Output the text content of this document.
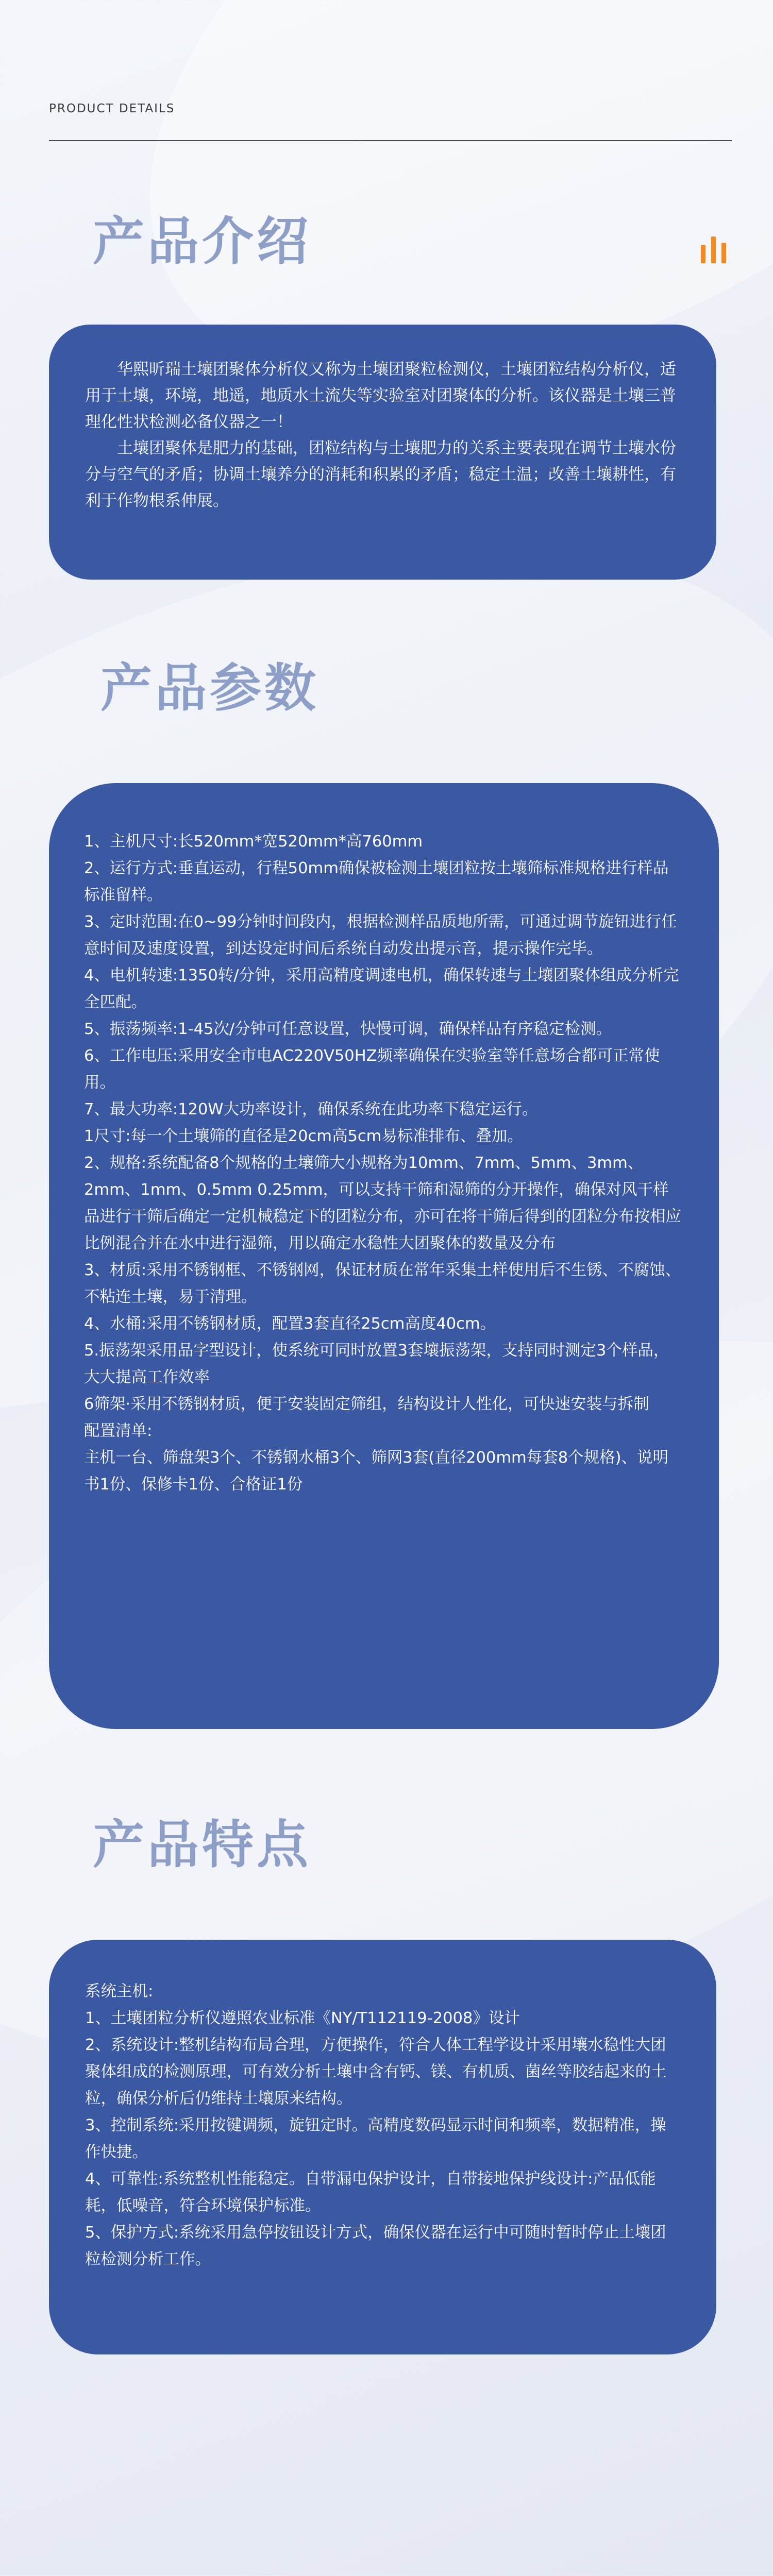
PRODUCT DETAILS
产品介绍

华熙昕瑞土壤团聚体分析仪又称为土壤团聚粒检测仪，土壤团粒结构分析仪，适用于土壤，环境，地遥，地质水土流失等实验室对团聚体的分析。该仪器是土壤三普理化性状检测必备仪器之一！

土壤团聚体是肥力的基础，团粒结构与土壤肥力的关系主要表现在调节土壤水份分与空气的矛盾；协调土壤养分的消耗和积累的矛盾；稳定土温；改善土壤耕性，有利于作物根系伸展。

产品参数

1、主机尺寸:长520mm*宽520mm*高760mm

2、运行方式:垂直运动，行程50mm确保被检测土壤团粒按土壤筛标准规格进行样品标准留样。

3、定时范围:在0~99分钟时间段内，根据检测样品质地所需，可通过调节旋钮进行任意时间及速度设置，到达设定时间后系统自动发出提示音，提示操作完毕。

4、电机转速:1350转/分钟，采用高精度调速电机，确保转速与土壤团聚体组成分析完全匹配。

5、振荡频率:1-45次/分钟可任意设置，快慢可调，确保样品有序稳定检测。

6、工作电压:采用安全市电AC220V50HZ频率确保在实验室等任意场合都可正常使用。

7、最大功率:120W大功率设计，确保系统在此功率下稳定运行。

1尺寸:每一个土壤筛的直径是20cm高5cm易标准排布、叠加。

2、规格:系统配备8个规格的土壤筛大小规格为10mm、7mm、5mm、3mm、2mm、1mm、0.5mm 0.25mm，可以支持干筛和湿筛的分开操作，确保对风干样品进行干筛后确定一定机械稳定下的团粒分布，亦可在将干筛后得到的团粒分布按相应比例混合并在水中进行湿筛，用以确定水稳性大团聚体的数量及分布

3、材质:采用不锈钢框、不锈钢网，保证材质在常年采集土样使用后不生锈、不腐蚀、不粘连土壤，易于清理。

4、水桶:采用不锈钢材质，配置3套直径25cm高度40cm。

5.振荡架采用品字型设计，使系统可同时放置3套壤振荡架，支持同时测定3个样品，大大提高工作效率

6筛架·采用不锈钢材质，便于安装固定筛组，结构设计人性化，可快速安装与拆制

配置清单:

主机一台、筛盘架3个、不锈钢水桶3个、筛网3套(直径200mm每套8个规格)、说明书1份、保修卡1份、合格证1份

产品特点

系统主机:

1、土壤团粒分析仪遵照农业标准《NY/T112119-2008》设计

2、系统设计:整机结构布局合理，方便操作，符合人体工程学设计采用壤水稳性大团聚体组成的检测原理，可有效分析土壤中含有钙、镁、有机质、菌丝等胶结起来的土粒，确保分析后仍维持土壤原来结构。

3、控制系统:采用按键调频，旋钮定时。高精度数码显示时间和频率，数据精准，操作快捷。

4、可靠性:系统整机性能稳定。自带漏电保护设计，自带接地保护线设计:产品低能耗，低噪音，符合环境保护标准。

5、保护方式:系统采用急停按钮设计方式，确保仪器在运行中可随时暂时停止土壤团粒检测分析工作。
